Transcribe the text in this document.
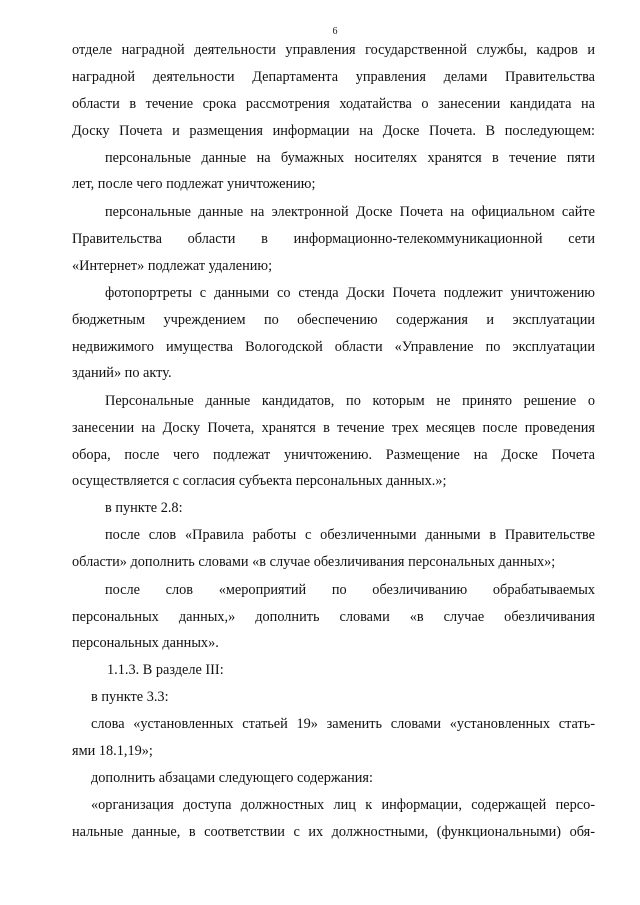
6
отделе наградной деятельности управления государственной службы, кадров и
наградной деятельности Департамента управления делами Правительства
области в течение срока рассмотрения ходатайства о занесении кандидата на
Доску Почета и размещения информации на Доске Почета. В последующем:
персональные данные на бумажных носителях хранятся в течение пяти
лет, после чего подлежат уничтожению;
персональные данные на электронной Доске Почета на официальном сайте
Правительства области в информационно-телекоммуникационной сети
«Интернет» подлежат удалению;
фотопортреты с данными со стенда Доски Почета подлежит уничтожению
бюджетным учреждением по обеспечению содержания и эксплуатации
недвижимого имущества Вологодской области «Управление по эксплуатации
зданий» по акту.
Персональные данные кандидатов, по которым не принято решение о
занесении на Доску Почета, хранятся в течение трех месяцев после проведения
обора, после чего подлежат уничтожению. Размещение на Доске Почета
осуществляется с согласия субъекта персональных данных.»;
в пункте 2.8:
после слов «Правила работы с обезличенными данными в Правительстве
области» дополнить словами «в случае обезличивания персональных данных»;
после слов «мероприятий по обезличиванию обрабатываемых
персональных данных,» дополнить словами «в случае обезличивания
персональных данных».
1.1.3. В разделе III:
в пункте 3.3:
слова «установленных статьей 19» заменить словами «установленных стать-
ями 18.1,19»;
дополнить абзацами следующего содержания:
«организация доступа должностных лиц к информации, содержащей персо-
нальные данные, в соответствии с их должностными, (функциональными) обя-
